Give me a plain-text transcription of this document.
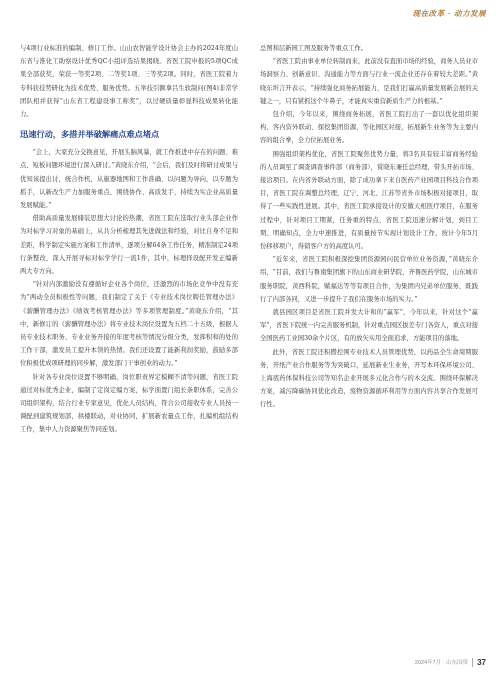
现在改革 · 动力发展

与4项行业标准的编制、修订工作。山山农智能学设计协会主办的2024年度山东省与淮化工助察设计优秀QC小组评选结果揭晓。省医工院申报的5项QC成果全部获奖，荣获一等奖2项、二等奖1项、三等奖2项。同时，省医工院着力专科获技势研化为技术优势、服务优势。五举技引额拿吕生软制问(图4)非常学团队相并获得“山东省工程建设事工称奖”，以过硬质量彰显科技成果转化能力。

迅速行动，多措并举破解痛点难点堵点

“会上，大家充分交换意见，开展头脑风暴，就工作推进中存在的问题、难点、短板问题环境进行深入研讨。”黄晓东介绍，“会后，我们及时将研讨成果与优知该提出讨，统合作机，从施器地图和工作准确、以问题为导向，以专题为抓手，认新改生产力加服务重点，围绕协作、高质发手，持续为实企业高质量发展赋能。”

借助高质量发展储装思想大讨论的热潮，省医工院在选取行业头部企业作为对标学习对象的基础上，从共分析梳理其先进做法和经验，对比自身不足和差距，科学制定实施方案和工作清单，逐项分解64条工作任务，精准制定24项行条整改，深入开展寻标对标学学行一流1件，其中，标理择设配开发正编新两大专方向。

“针对内部激励没有遵循好企业各个岗位，还激烈的市场化竞争中没有充为”两动全员积极性等问题，我们制定了关于《专业技术岗位聘任管理办法》《薪酬管理办法》《绩效考核管理办法》等多项管理制度。”黄晓东介绍，“其中，新修订的《薪酬管理办法》将专业技术岗位设置为五档二十五级，根据人员专业技术职务、专业业务开接的年度考核等情况分级分类，发挥积和的处的工作干部，激发员工提升本领的热情。我们还设置了能新利润奖励，鼓励多部位积极优成项研理的同步解，激发部门干事创业的动力。”

针对各专业岗位设置不够明确，岗位职责界定模糊不清等问题，省医工院通过对标优秀企业，编制了定岗定编方案，标学面置门组长条职体系，完善公司组织架构，结合行业专家意见，优化人员结构，符合公司接收专业人员按一调配到建筑规划部，拱楼联动，对业协同，扩展新农量点工作，扎编机组结构工作，集中人力资源聚焦等同连划。

总图和层新园工图及服务等重点工作。

“省医工院由事业单位转制而来，此前没有直面市场的经验，商务人员业市场洞察力、创新意识、沟通能力等方面与行业一流企业还存在着较大差距。”黄晓东坦言开表示，“持续强化商务拓展能力，是我们打赢高质量发展新会展的关键之一，只有紧抓这个牛鼻子，才能真实重营新质生产力的根基。”

包介绍，今年以来，围绕商务拓展，省医工院打出了一套以优化组织架构、客内资外联动、探挖集团资源、等化园区对接，拓展新生业务等为主要内容的组合拳，全力位拓展业务。

围强组织架构优化，省医工院聚焦优势力量，将3名具有较丰富商务经验的人员调至了调查调查事件部（商务部），赏晓东兼任总经理，带头开拓市场、接洽项目。在内省外联动方面，除了成功拿下来自医药产业园项目科技合作项目，省医工院在调整总经理，辽宁、河北、江苏等省外市场积极对接项目，取得了一些实践性进展。其中，省医工院承接设计的安徽天相医疗项目，在服务过程中，针对项目工期紧，任务重的特点，省医工院迅速分解计划，到目工期、明确知点，全力中速推进，有质量按节实现计划设计工作，按计今年5月份移移项户，得销客户方的高度认可。

“近年来，省医工院积极深挖集团资源园问民营单位业务资源，”黄晓东介绍，“目前，我们与鲁南集团旗下的山东商业研华院，齐鲁医药学院，山东城市服务职院，黄西科院，赋福达等等有项目合作，为集团内兄弟单位服务，既践行了内部各同，又进一步提升了我们在服务市场的实力。”

就县园区项目是省医工院并发大计和的“赢军”，今年以来，针对这个“赢军”，省医下院统一内完善服务机制，针对重点园区拔差专门各资人，重点对接全国医药工业园30余个片区，有的放矢实用全面追求，方能项目的落地。

此外，省医工院还积攒控围专业技术人员管理优势，以药品全生命周期服务，开纸产业合作服务等为突破口，延展新业生业务，开写本环保环境公司、上海底药体保科技公司等知名企业开展多元化合作与的木交流。围绕环保解决方案，减污降碳协同优化改造，废物资源循环利用等方面内容共享合作发展可行性。

2024年7月 · 山东国资 37
